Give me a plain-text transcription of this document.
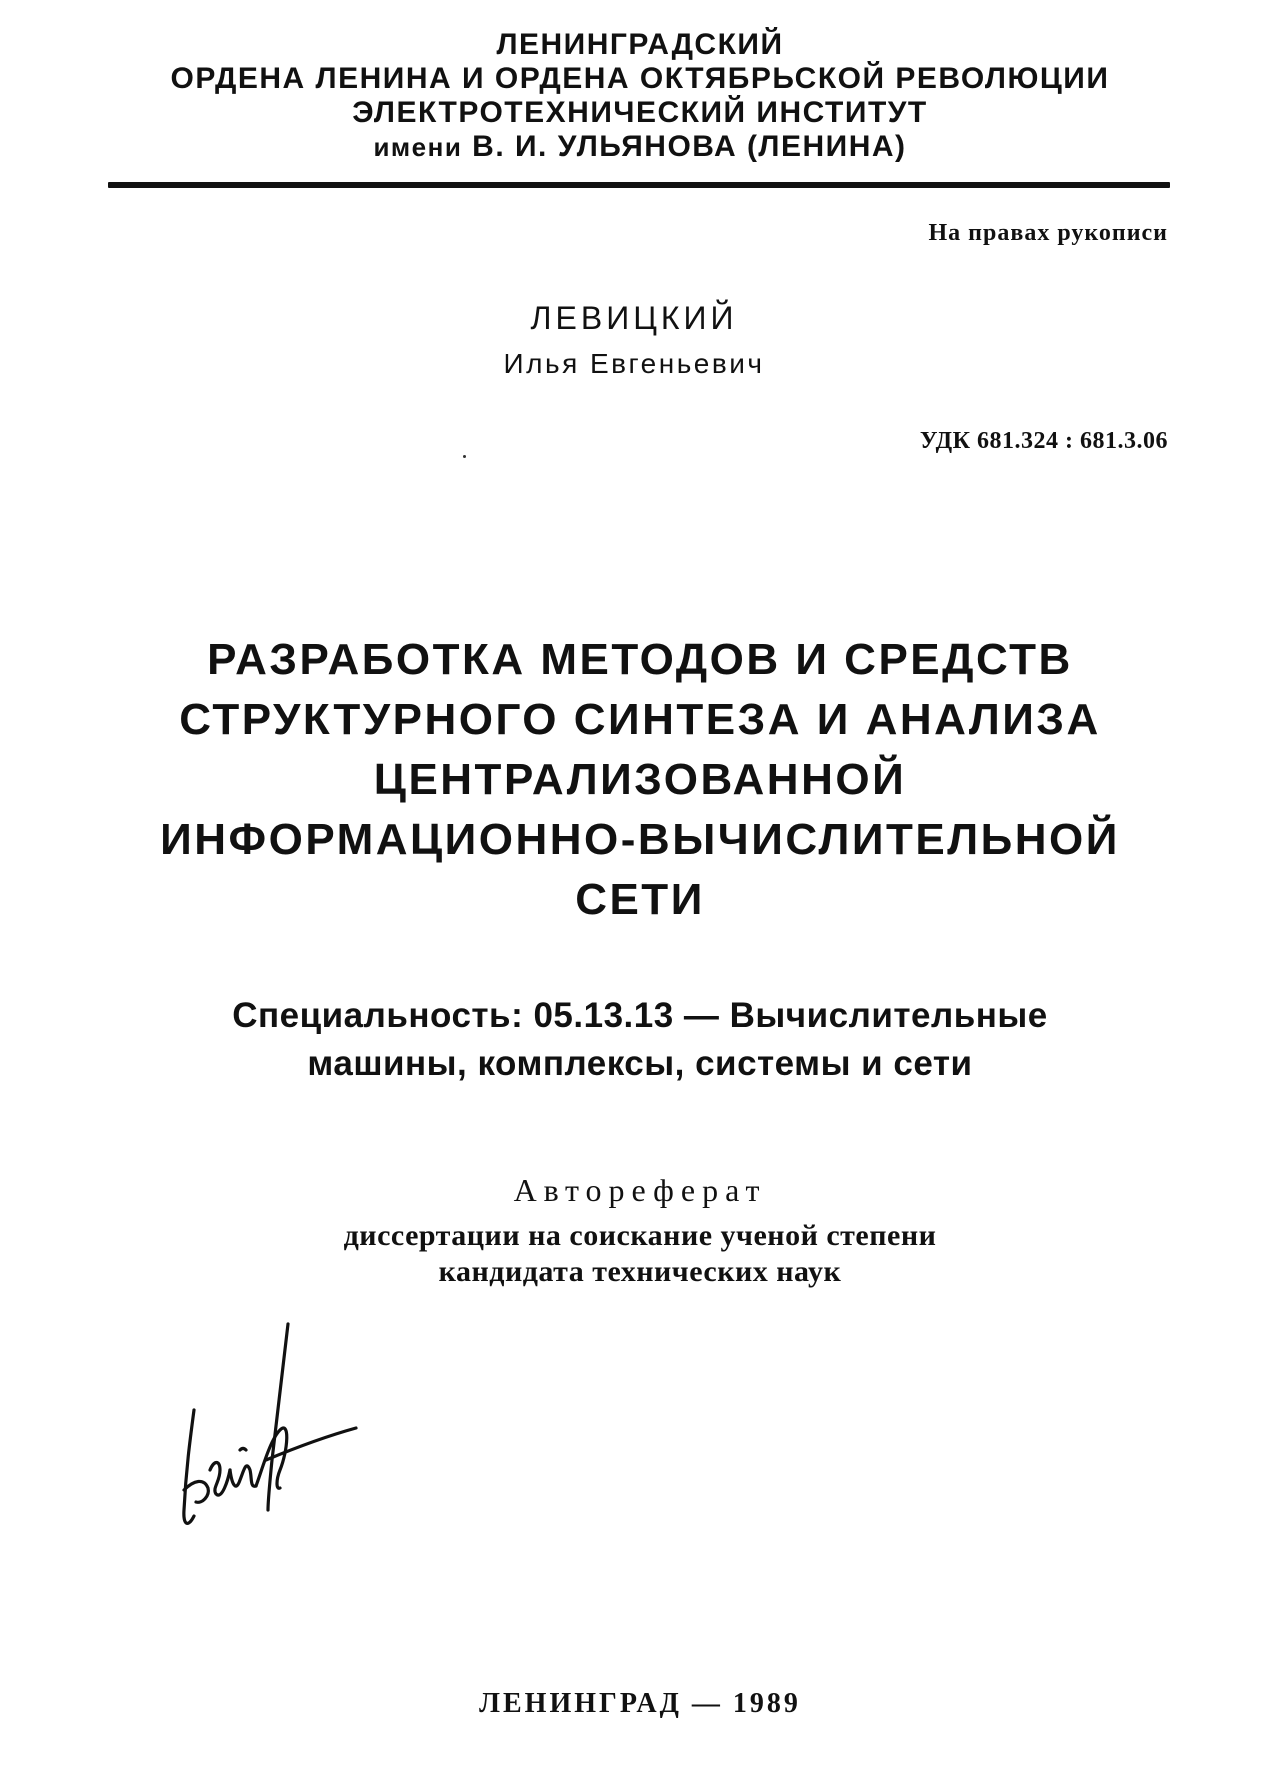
ЛЕНИНГРАДСКИЙ
ОРДЕНА ЛЕНИНА И ОРДЕНА ОКТЯБРЬСКОЙ РЕВОЛЮЦИИ
ЭЛЕКТРОТЕХНИЧЕСКИЙ ИНСТИТУТ
имени В. И. УЛЬЯНОВА (ЛЕНИНА)
На правах рукописи
ЛЕВИЦКИЙ
Илья Евгеньевич
УДК 681.324 : 681.3.06
РАЗРАБОТКА МЕТОДОВ И СРЕДСТВ
СТРУКТУРНОГО СИНТЕЗА И АНАЛИЗА
ЦЕНТРАЛИЗОВАННОЙ
ИНФОРМАЦИОННО-ВЫЧИСЛИТЕЛЬНОЙ
СЕТИ
Специальность: 05.13.13 — Вычислительные
машины, комплексы, системы и сети
Автореферат
диссертации на соискание ученой степени
кандидата технических наук
ЛЕНИНГРАД — 1989
